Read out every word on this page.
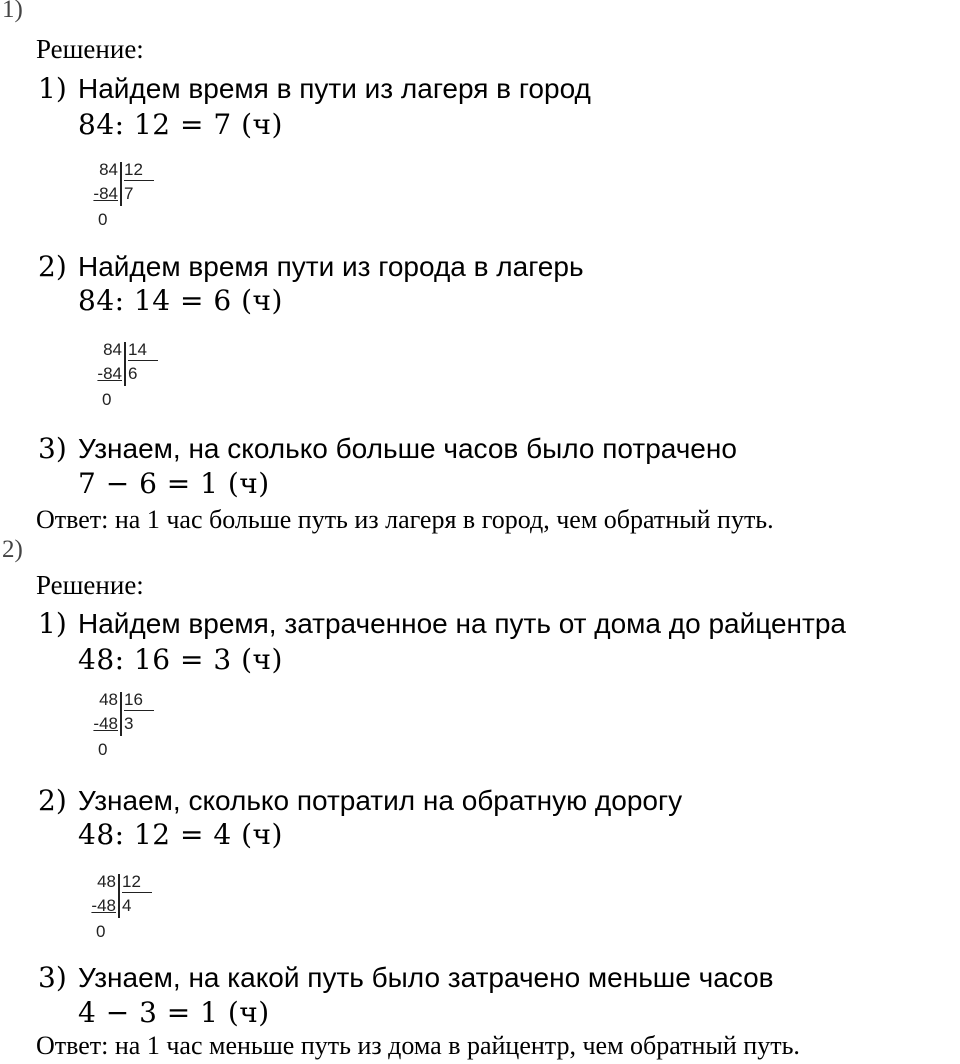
1)
Решение:
1) Найдем время в пути из лагеря в город
84: 12 = 7 (ч)
84 12
-84 7
0
2) Найдем время пути из города в лагерь
84: 14 = 6 (ч)
84 14
-84 6
0
3) Узнаем, на сколько больше часов было потрачено
7 − 6 = 1 (ч)
Ответ: на 1 час больше путь из лагеря в город, чем обратный путь.
2)
Решение:
1) Найдем время, затраченное на путь от дома до райцентра
48: 16 = 3 (ч)
48 16
-48 3
0
2) Узнаем, сколько потратил на обратную дорогу
48: 12 = 4 (ч)
48 12
-48 4
0
3) Узнаем, на какой путь было затрачено меньше часов
4 − 3 = 1 (ч)
Ответ: на 1 час меньше путь из дома в райцентр, чем обратный путь.
